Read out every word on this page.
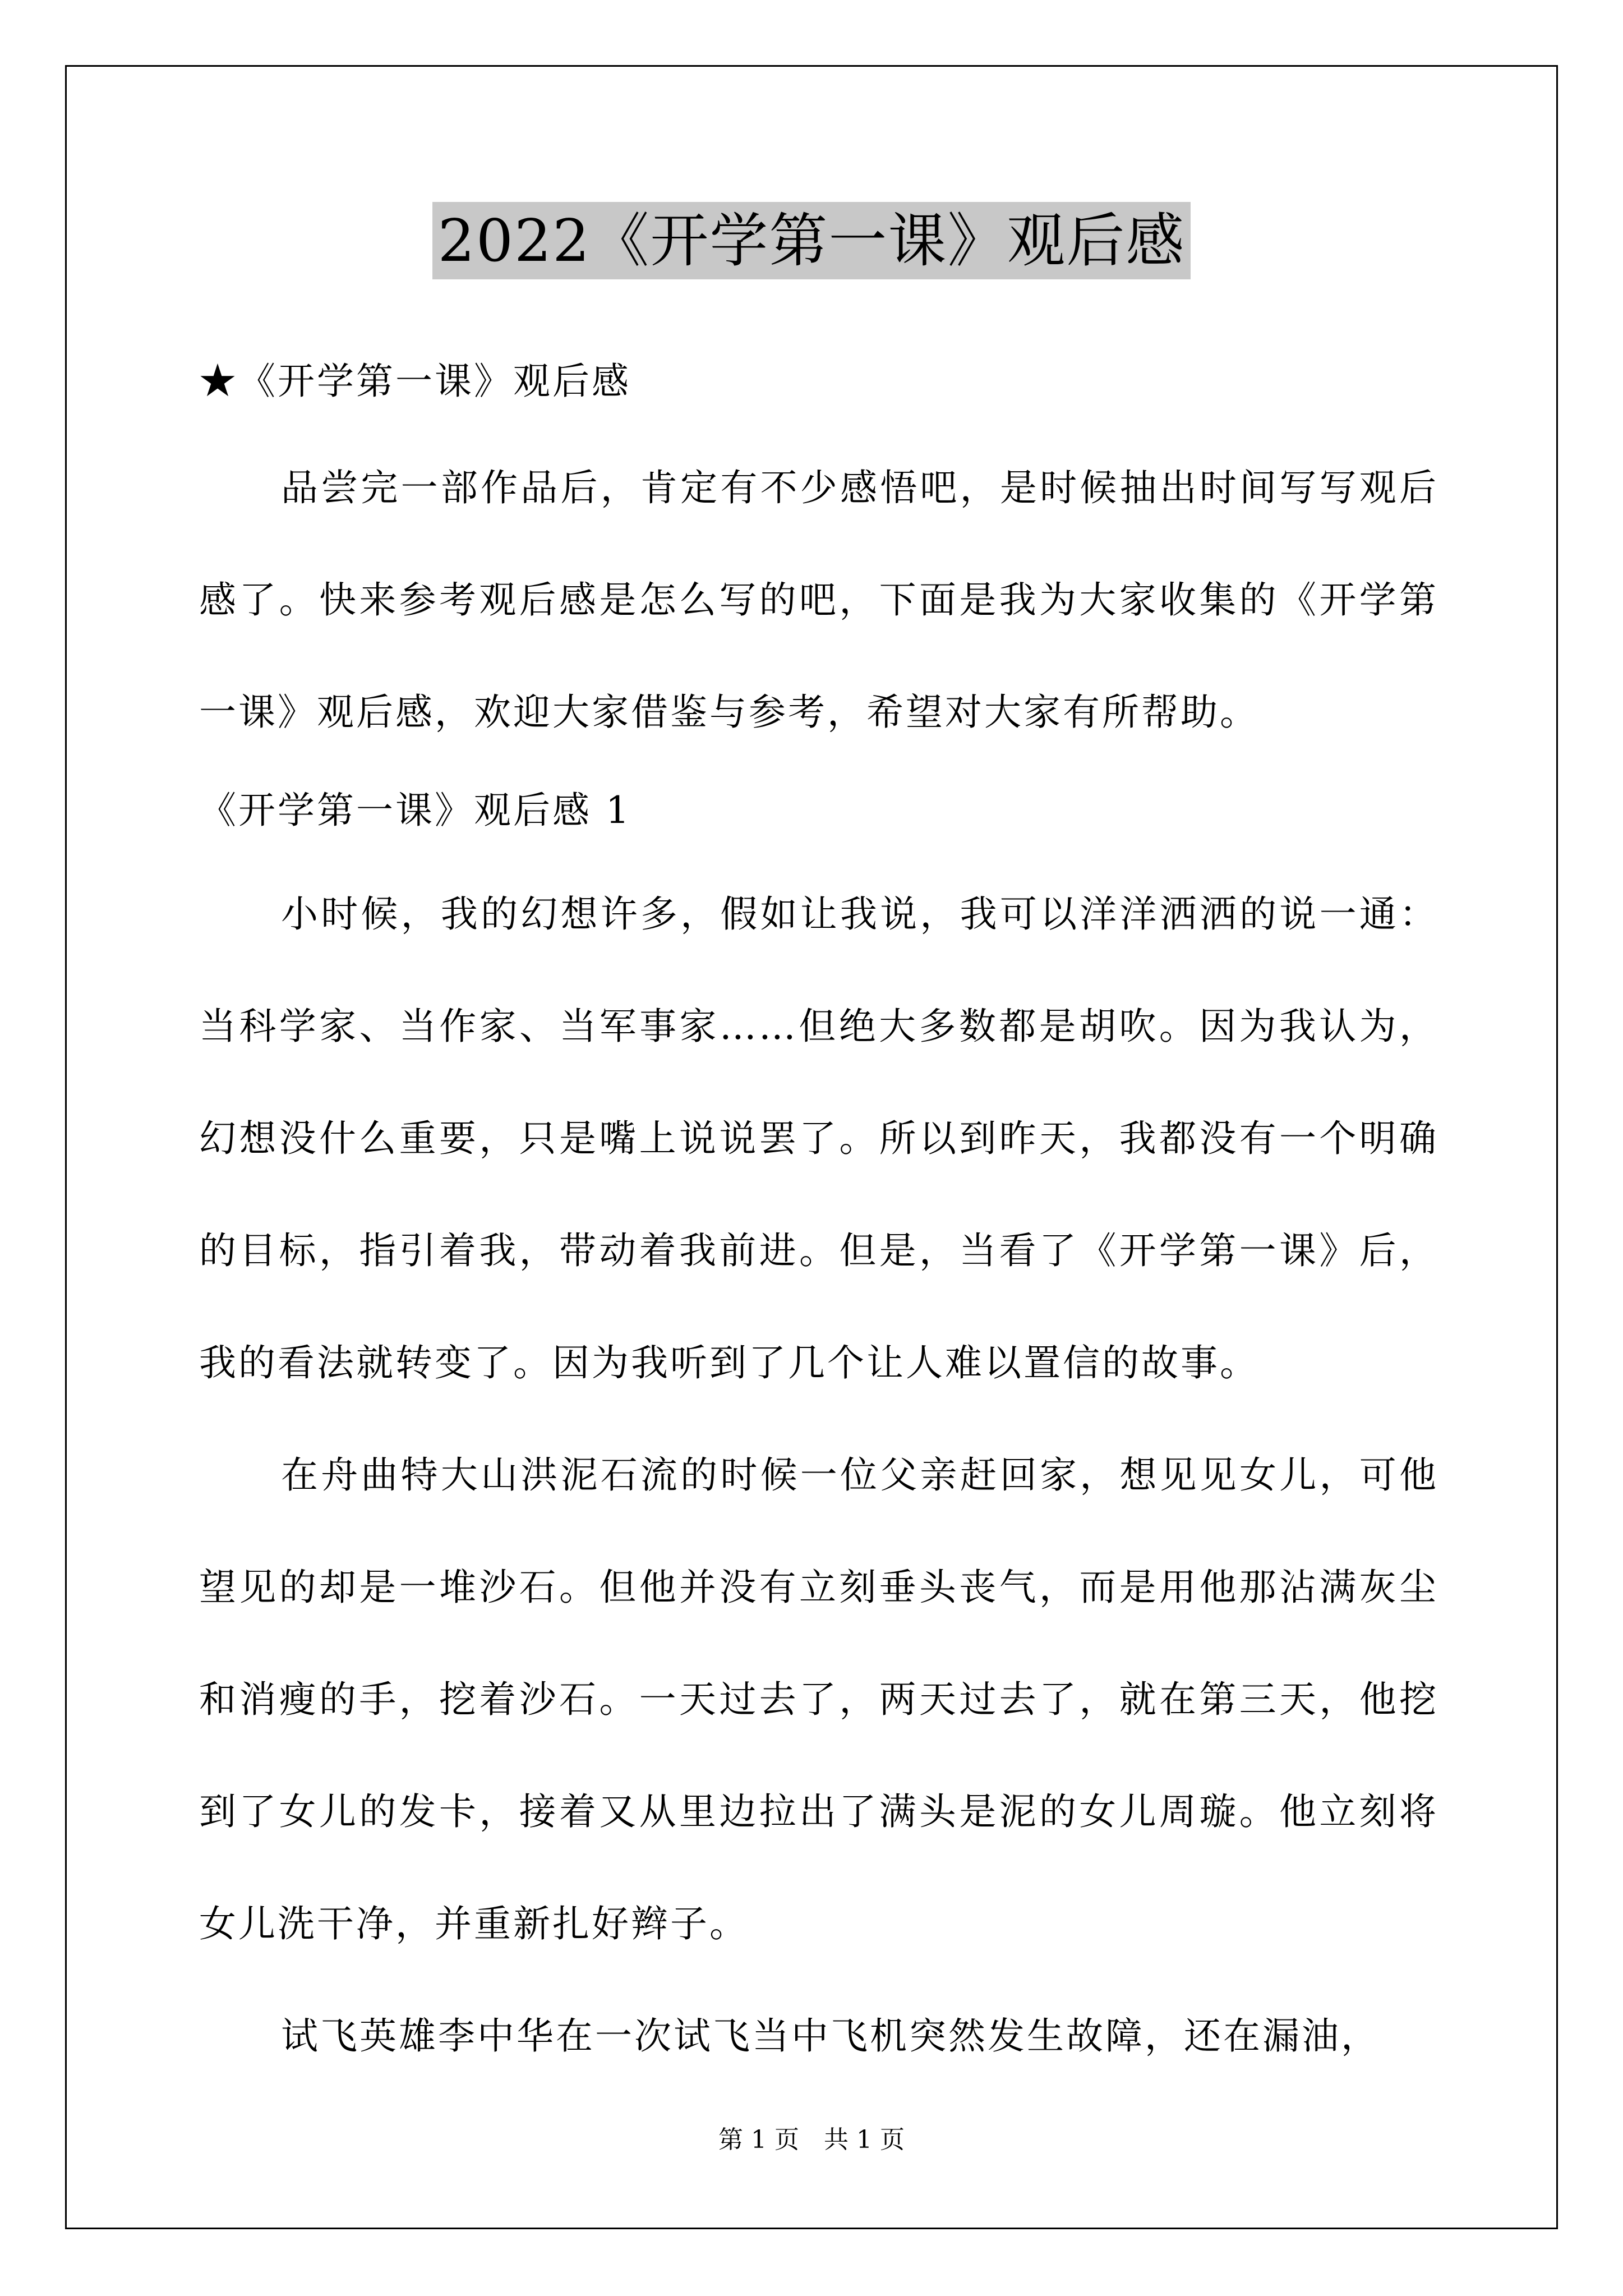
2022《开学第一课》观后感

★《开学第一课》观后感

品尝完一部作品后，肯定有不少感悟吧，是时候抽出时间写写观后感了。快来参考观后感是怎么写的吧，下面是我为大家收集的《开学第一课》观后感，欢迎大家借鉴与参考，希望对大家有所帮助。

《开学第一课》观后感 1

小时候，我的幻想许多，假如让我说，我可以洋洋洒洒的说一通：当科学家、当作家、当军事家……但绝大多数都是胡吹。因为我认为，幻想没什么重要，只是嘴上说说罢了。所以到昨天，我都没有一个明确的目标，指引着我，带动着我前进。但是，当看了《开学第一课》后，我的看法就转变了。因为我听到了几个让人难以置信的故事。

在舟曲特大山洪泥石流的时候一位父亲赶回家，想见见女儿，可他望见的却是一堆沙石。但他并没有立刻垂头丧气，而是用他那沾满灰尘和消瘦的手，挖着沙石。一天过去了，两天过去了，就在第三天，他挖到了女儿的发卡，接着又从里边拉出了满头是泥的女儿周璇。他立刻将女儿洗干净，并重新扎好辫子。

试飞英雄李中华在一次试飞当中飞机突然发生故障，还在漏油，

第 1 页　共 1 页
